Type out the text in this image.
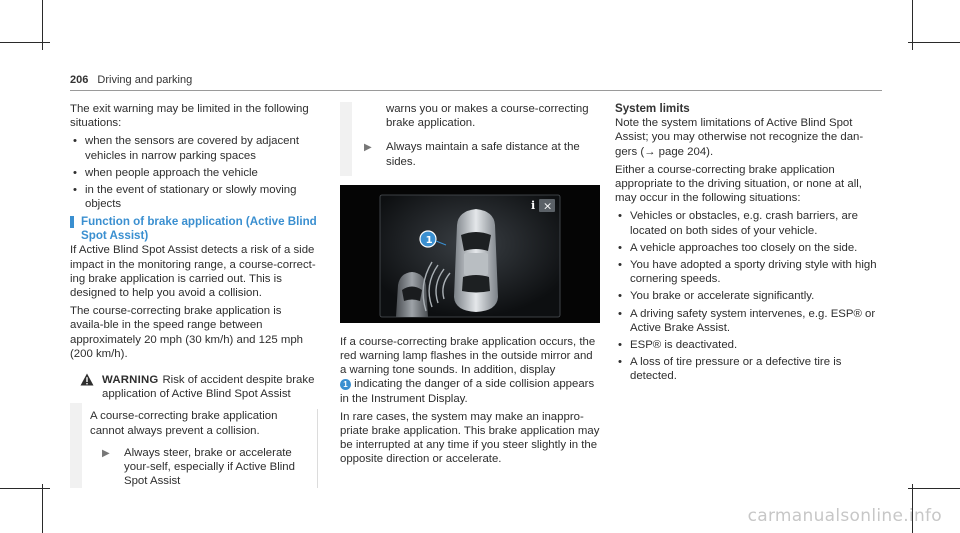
206 Driving and parking

The exit warning may be limited in the following situations:

• when the sensors are covered by adjacent vehicles in narrow parking spaces
• when people approach the vehicle
• in the event of stationary or slowly moving objects
Function of brake application (Active Blind Spot Assist)

If Active Blind Spot Assist detects a risk of a side impact in the monitoring range, a course-correct-ing brake application is carried out. This is designed to help you avoid a collision.

The course-correcting brake application is availa-ble in the speed range between approximately 20 mph (30 km/h) and 125 mph (200 km/h).

WARNING Risk of accident despite brake application of Active Blind Spot Assist

A course-correcting brake application cannot always prevent a collision.

▶ Always steer, brake or accelerate your-self, especially if Active Blind Spot Assist

warns you or makes a course-correcting brake application.

▶ Always maintain a safe distance at the sides.
i ×
1

If a course-correcting brake application occurs, the red warning lamp flashes in the outside mirror and a warning tone sounds. In addition, display
1 indicating the danger of a side collision appears in the Instrument Display.

In rare cases, the system may make an inappro-priate brake application. This brake application may be interrupted at any time if you steer slightly in the opposite direction or accelerate.

System limits

Note the system limitations of Active Blind Spot Assist; you may otherwise not recognize the dan-gers (→ page 204).

Either a course-correcting brake application appropriate to the driving situation, or none at all, may occur in the following situations:

• Vehicles or obstacles, e.g. crash barriers, are located on both sides of your vehicle.
• A vehicle approaches too closely on the side.
• You have adopted a sporty driving style with high cornering speeds.
• You brake or accelerate significantly.
• A driving safety system intervenes, e.g. ESP® or Active Brake Assist.
• ESP® is deactivated.
• A loss of tire pressure or a defective tire is detected.
carmanualsonline.info
